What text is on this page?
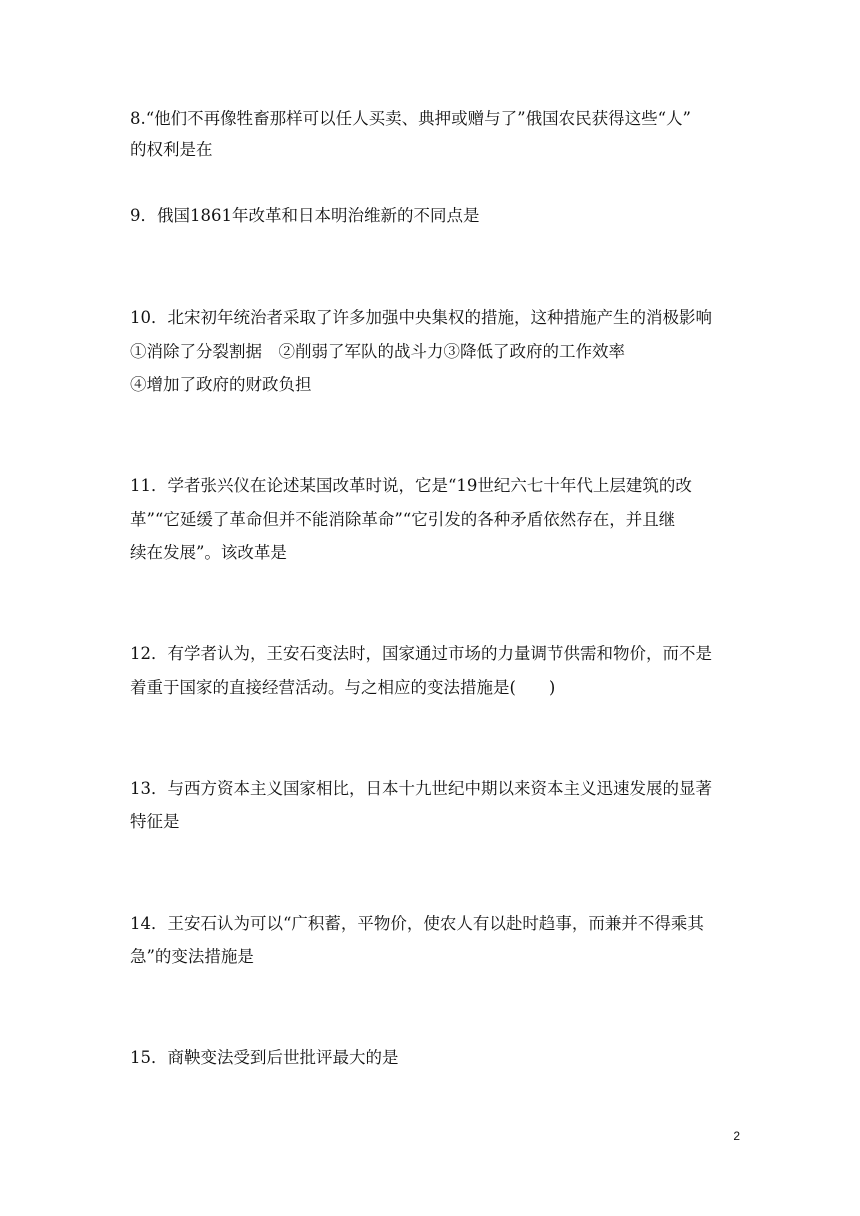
8.“他们不再像牲畜那样可以任人买卖、典押或赠与了”俄国农民获得这些“人”
的权利是在

9．俄国1861年改革和日本明治维新的不同点是

10．北宋初年统治者采取了许多加强中央集权的措施，这种措施产生的消极影响
①消除了分裂割据　②削弱了军队的战斗力③降低了政府的工作效率
④增加了政府的财政负担

11．学者张兴仪在论述某国改革时说，它是“19世纪六七十年代上层建筑的改
革”“它延缓了革命但并不能消除革命”“它引发的各种矛盾依然存在，并且继
续在发展”。该改革是

12．有学者认为，王安石变法时，国家通过市场的力量调节供需和物价，而不是
着重于国家的直接经营活动。与之相应的变法措施是(　　)

13．与西方资本主义国家相比，日本十九世纪中期以来资本主义迅速发展的显著
特征是

14．王安石认为可以“广积蓄，平物价，使农人有以赴时趋事，而兼并不得乘其
急”的变法措施是

15．商鞅变法受到后世批评最大的是

2
